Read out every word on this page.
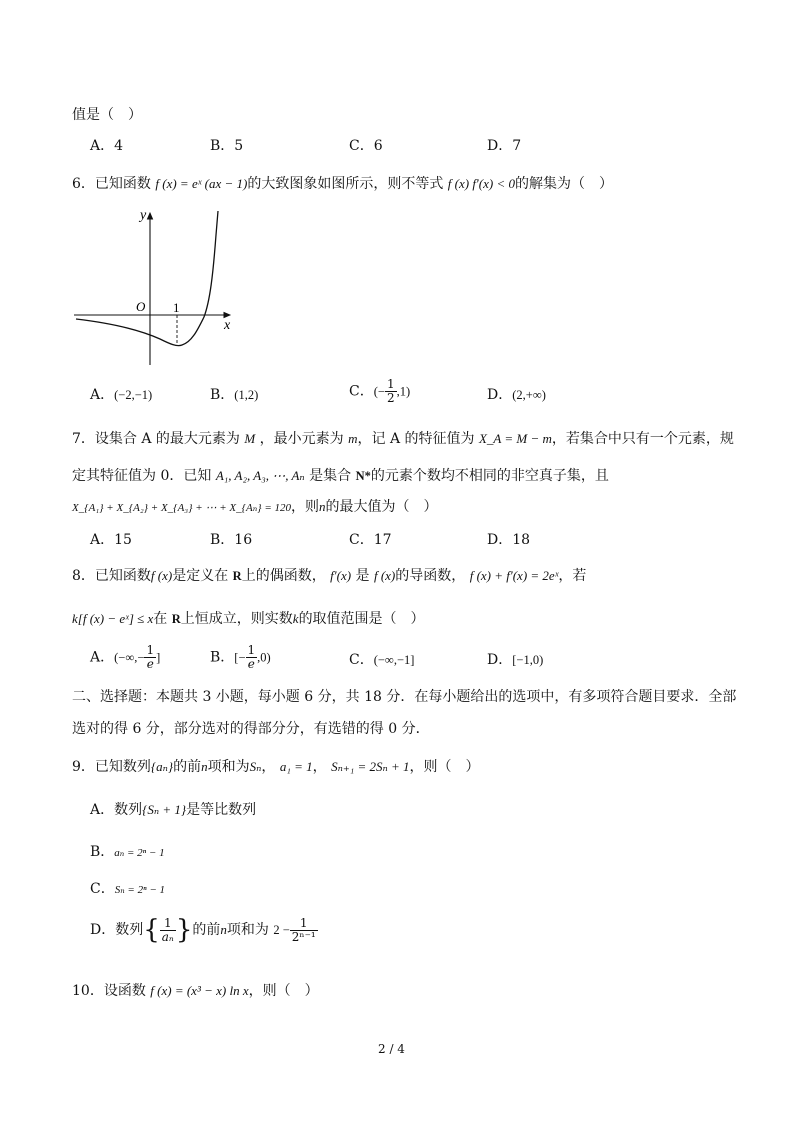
值是（　）
A．4	B．5	C．6	D．7
6．已知函数 f (x) = eˣ (ax − 1)的大致图象如图所示，则不等式 f (x) f′(x) < 0的解集为（　）
y
x
O 1
A．(−2,−1)	B．(1,2)	C．(− $\frac{1}{2} ,1$)	D．(2,+∞)
7．设集合 A 的最大元素为 M ，最小元素为 m，记 A 的特征值为 X_A = M − m，若集合中只有一个元素，规
定其特征值为 0．已知 A₁, A₂, A₃, ⋯, Aₙ 是集合 N*的元素个数均不相同的非空真子集，且
X_{A₁} + X_{A₂} + X_{A₃} + ⋯ + X_{Aₙ} = 120，则n的最大值为（　）
A．15	B．16	C．17	D．18
8．已知函数f (x)是定义在 R上的偶函数， f′(x) 是 f (x)的导函数， f (x) + f′(x) = 2eˣ，若
k[f (x) − eˣ] ≤ x在 R上恒成立，则实数k的取值范围是（　）
A．(−∞,− $\frac{1}{e}$ ]	B．[− $\frac{1}{e} ,0$)	C．(−∞,−1]	D．[−1,0)
二、选择题：本题共 3 小题，每小题 6 分，共 18 分．在每小题给出的选项中，有多项符合题目要求．全部
选对的得 6 分，部分选对的得部分分，有选错的得 0 分．
9．已知数列{aₙ}的前n项和为Sₙ， a₁ = 1， Sₙ₊₁ = 2Sₙ + 1，则（　）
A．数列{Sₙ + 1}是等比数列
B．aₙ = 2ⁿ − 1
C．Sₙ = 2ⁿ − 1
D．数列{ $\frac{1}{\text{aₙ}}$ }的前n项和为 $2 - \frac{1}{\text{2ⁿ⁻¹}}$
10．设函数 f (x) = (x³ − x) ln x，则（　）
2 / 4
